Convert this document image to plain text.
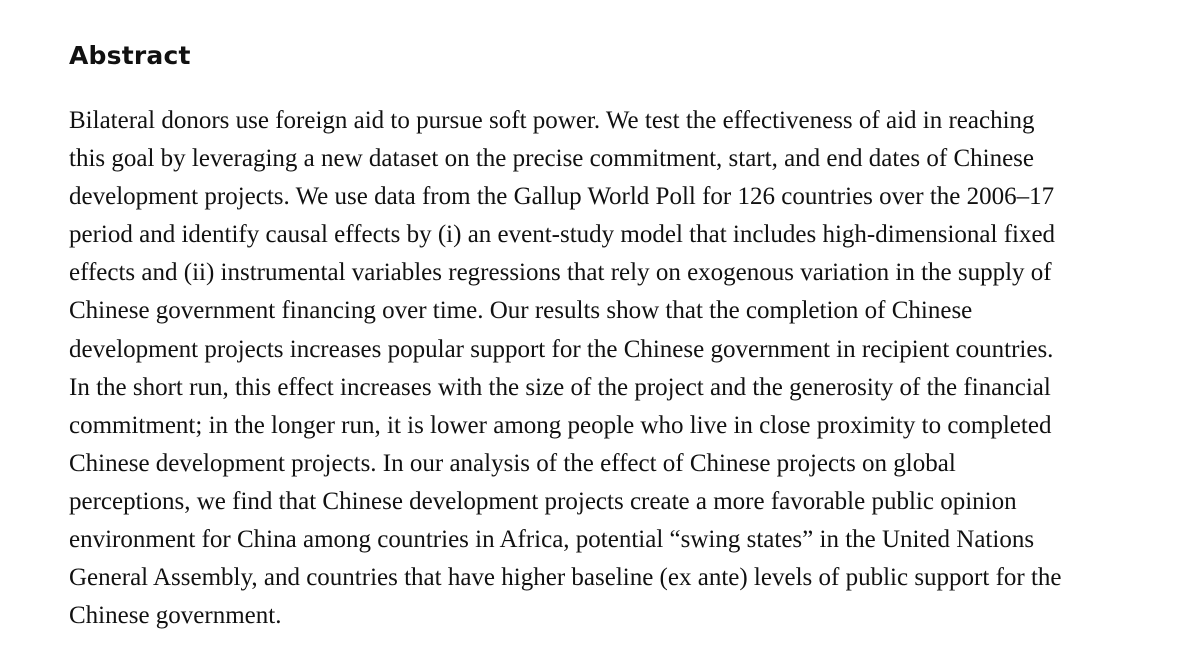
Abstract
Bilateral donors use foreign aid to pursue soft power. We test the effectiveness of aid in reaching
this goal by leveraging a new dataset on the precise commitment, start, and end dates of Chinese
development projects. We use data from the Gallup World Poll for 126 countries over the 2006–17
period and identify causal effects by (i) an event-study model that includes high-dimensional fixed
effects and (ii) instrumental variables regressions that rely on exogenous variation in the supply of
Chinese government financing over time. Our results show that the completion of Chinese
development projects increases popular support for the Chinese government in recipient countries.
In the short run, this effect increases with the size of the project and the generosity of the financial
commitment; in the longer run, it is lower among people who live in close proximity to completed
Chinese development projects. In our analysis of the effect of Chinese projects on global
perceptions, we find that Chinese development projects create a more favorable public opinion
environment for China among countries in Africa, potential “swing states” in the United Nations
General Assembly, and countries that have higher baseline (ex ante) levels of public support for the
Chinese government.
